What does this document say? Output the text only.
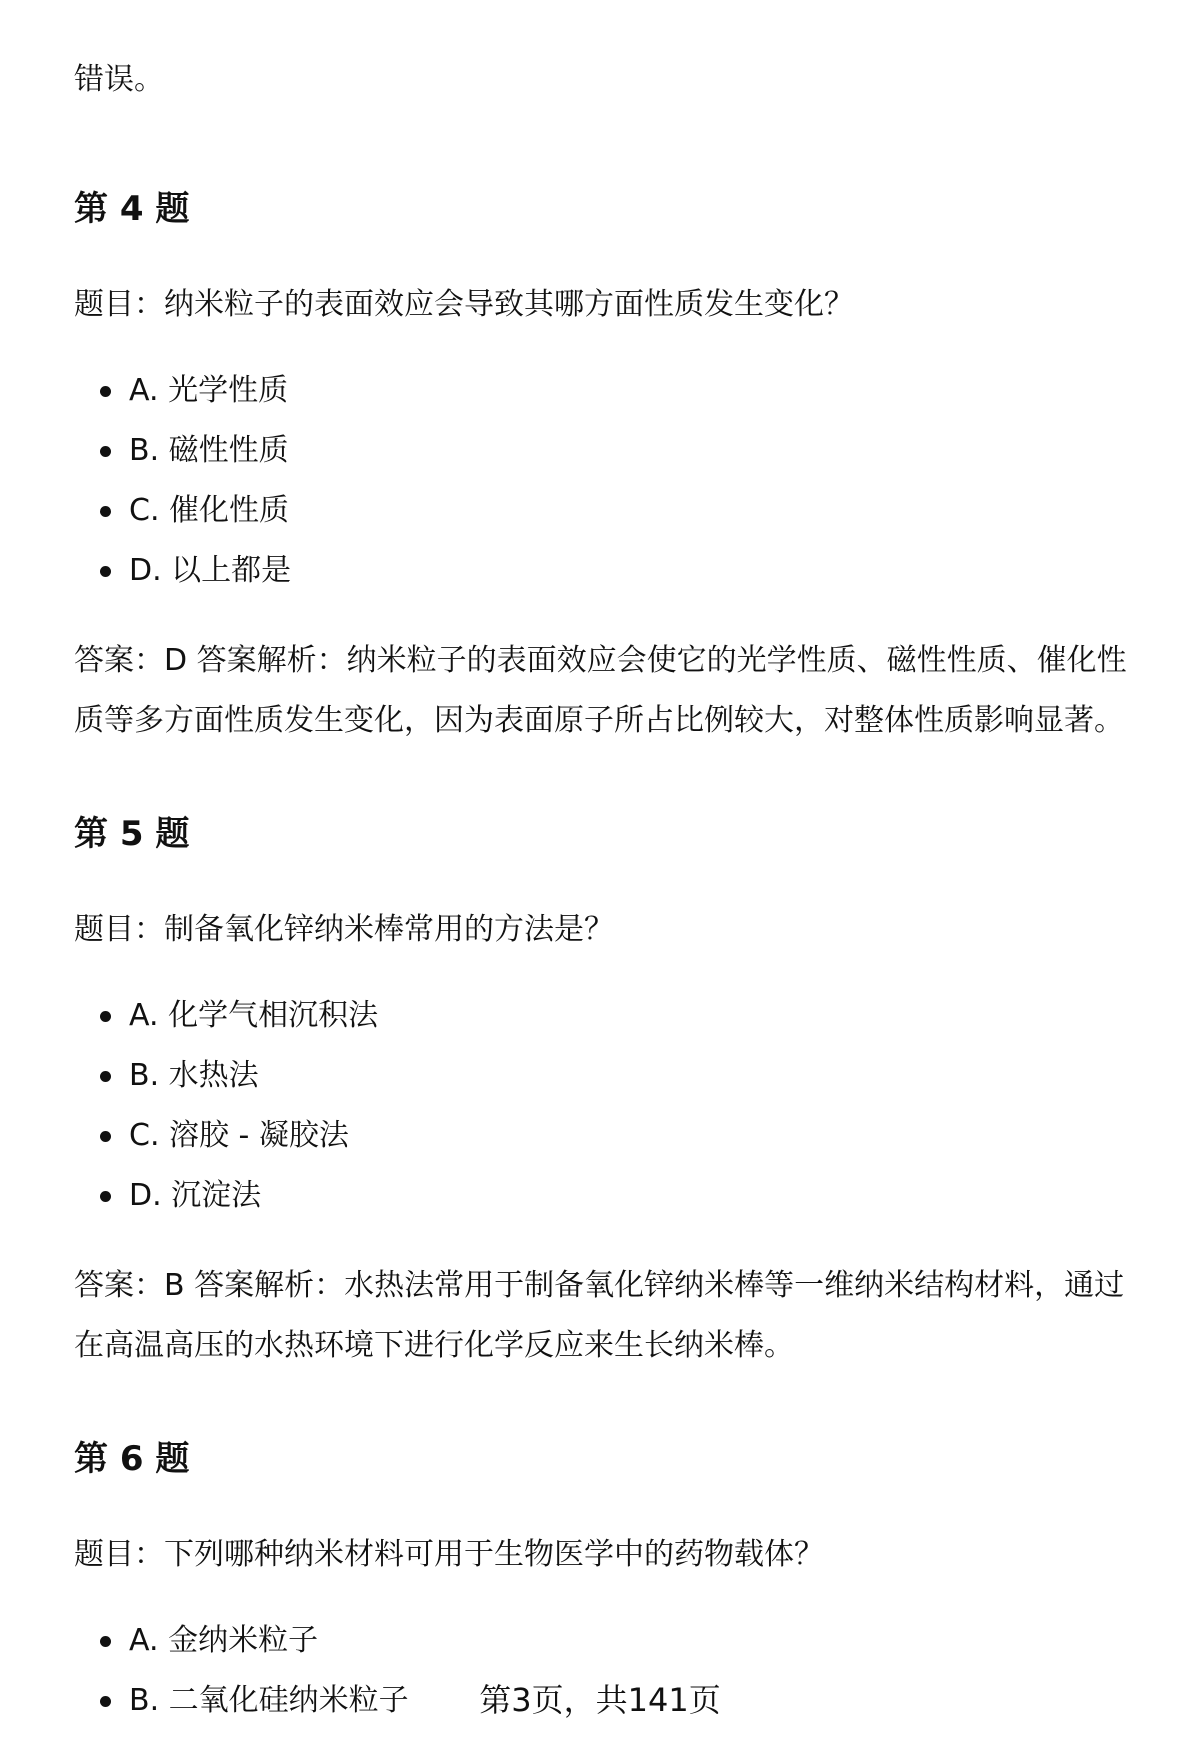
错误。

第 4 题

题目：纳米粒子的表面效应会导致其哪方面性质发生变化？

A. 光学性质
B. 磁性性质
C. 催化性质
D. 以上都是

答案：D 答案解析：纳米粒子的表面效应会使它的光学性质、磁性性质、催化性质等多方面性质发生变化，因为表面原子所占比例较大，对整体性质影响显著。

第 5 题

题目：制备氧化锌纳米棒常用的方法是？

A. 化学气相沉积法
B. 水热法
C. 溶胶 - 凝胶法
D. 沉淀法

答案：B 答案解析：水热法常用于制备氧化锌纳米棒等一维纳米结构材料，通过在高温高压的水热环境下进行化学反应来生长纳米棒。

第 6 题

题目：下列哪种纳米材料可用于生物医学中的药物载体？

A. 金纳米粒子
B. 二氧化硅纳米粒子	第3页，共141页
